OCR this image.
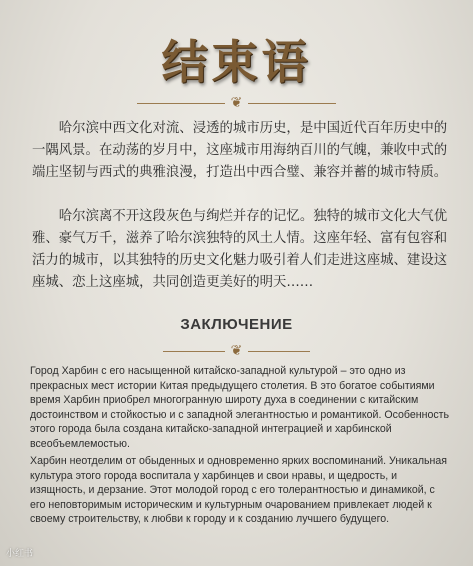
结束语
❦

哈尔滨中西文化对流、浸透的城市历史，是中国近代百年历史中的一隅风景。在动荡的岁月中，这座城市用海纳百川的气魄，兼收中式的端庄坚韧与西式的典雅浪漫，打造出中西合璧、兼容并蓄的城市特质。

哈尔滨离不开这段灰色与绚烂并存的记忆。独特的城市文化大气优雅、豪气万千，滋养了哈尔滨独特的风土人情。这座年轻、富有包容和活力的城市，以其独特的历史文化魅力吸引着人们走进这座城、建设这座城、恋上这座城，共同创造更美好的明天……

ЗАКЛЮЧЕНИЕ
❦

Город Харбин с его насыщенной китайско-западной культурой – это одно из прекрасных мест истории Китая предыдущего столетия. В это богатое событиями время Харбин приобрел многогранную широту духа в соединении с китайским достоинством и стойкостью и с западной элегантностью и романтикой. Особенность этого города была создана китайско-западной интеграцией и харбинской всеобъемлемостью.

Харбин неотделим от обыденных и одновременно ярких воспоминаний. Уникальная культура этого города воспитала у харбинцев и свои нравы, и щедрость, и изящность, и дерзание. Этот молодой город с его толерантностью и динамикой, с его неповторимым историческим и культурным очарованием привлекает людей к своему строительству, к любви к городу и к созданию лучшего будущего.

小红书
